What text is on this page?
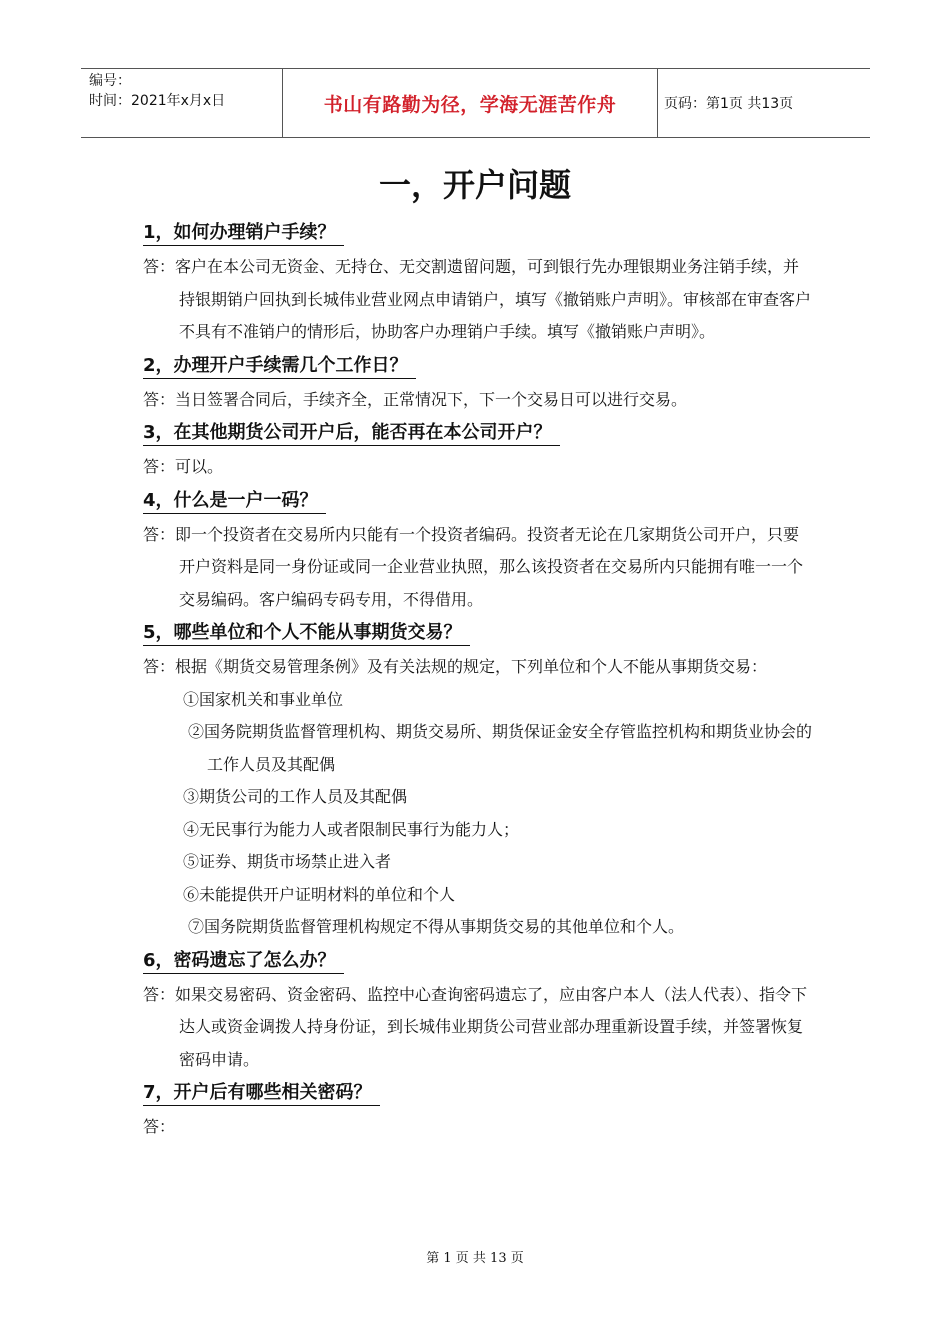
编号：
时间：2021年x月x日	书山有路勤为径，学海无涯苦作舟	页码：第1页 共13页
一，开户问题
1，如何办理销户手续？

答：客户在本公司无资金、无持仓、无交割遗留问题，可到银行先办理银期业务注销手续，并持银期销户回执到长城伟业营业网点申请销户，填写《撤销账户声明》。审核部在审查客户不具有不准销户的情形后，协助客户办理销户手续。填写《撤销账户声明》。

2，办理开户手续需几个工作日？

答：当日签署合同后，手续齐全，正常情况下，下一个交易日可以进行交易。

3，在其他期货公司开户后，能否再在本公司开户？

答：可以。

4，什么是一户一码？

答：即一个投资者在交易所内只能有一个投资者编码。投资者无论在几家期货公司开户，只要开户资料是同一身份证或同一企业营业执照，那么该投资者在交易所内只能拥有唯一一个交易编码。客户编码专码专用，不得借用。

5，哪些单位和个人不能从事期货交易？

答：根据《期货交易管理条例》及有关法规的规定，下列单位和个人不能从事期货交易：

①国家机关和事业单位

②国务院期货监督管理机构、期货交易所、期货保证金安全存管监控机构和期货业协会的工作人员及其配偶

③期货公司的工作人员及其配偶

④无民事行为能力人或者限制民事行为能力人；

⑤证券、期货市场禁止进入者

⑥未能提供开户证明材料的单位和个人

⑦国务院期货监督管理机构规定不得从事期货交易的其他单位和个人。

6，密码遗忘了怎么办？

答：如果交易密码、资金密码、监控中心查询密码遗忘了，应由客户本人（法人代表）、指令下达人或资金调拨人持身份证，到长城伟业期货公司营业部办理重新设置手续，并签署恢复密码申请。

7，开户后有哪些相关密码？

答：

第 1 页 共 13 页
